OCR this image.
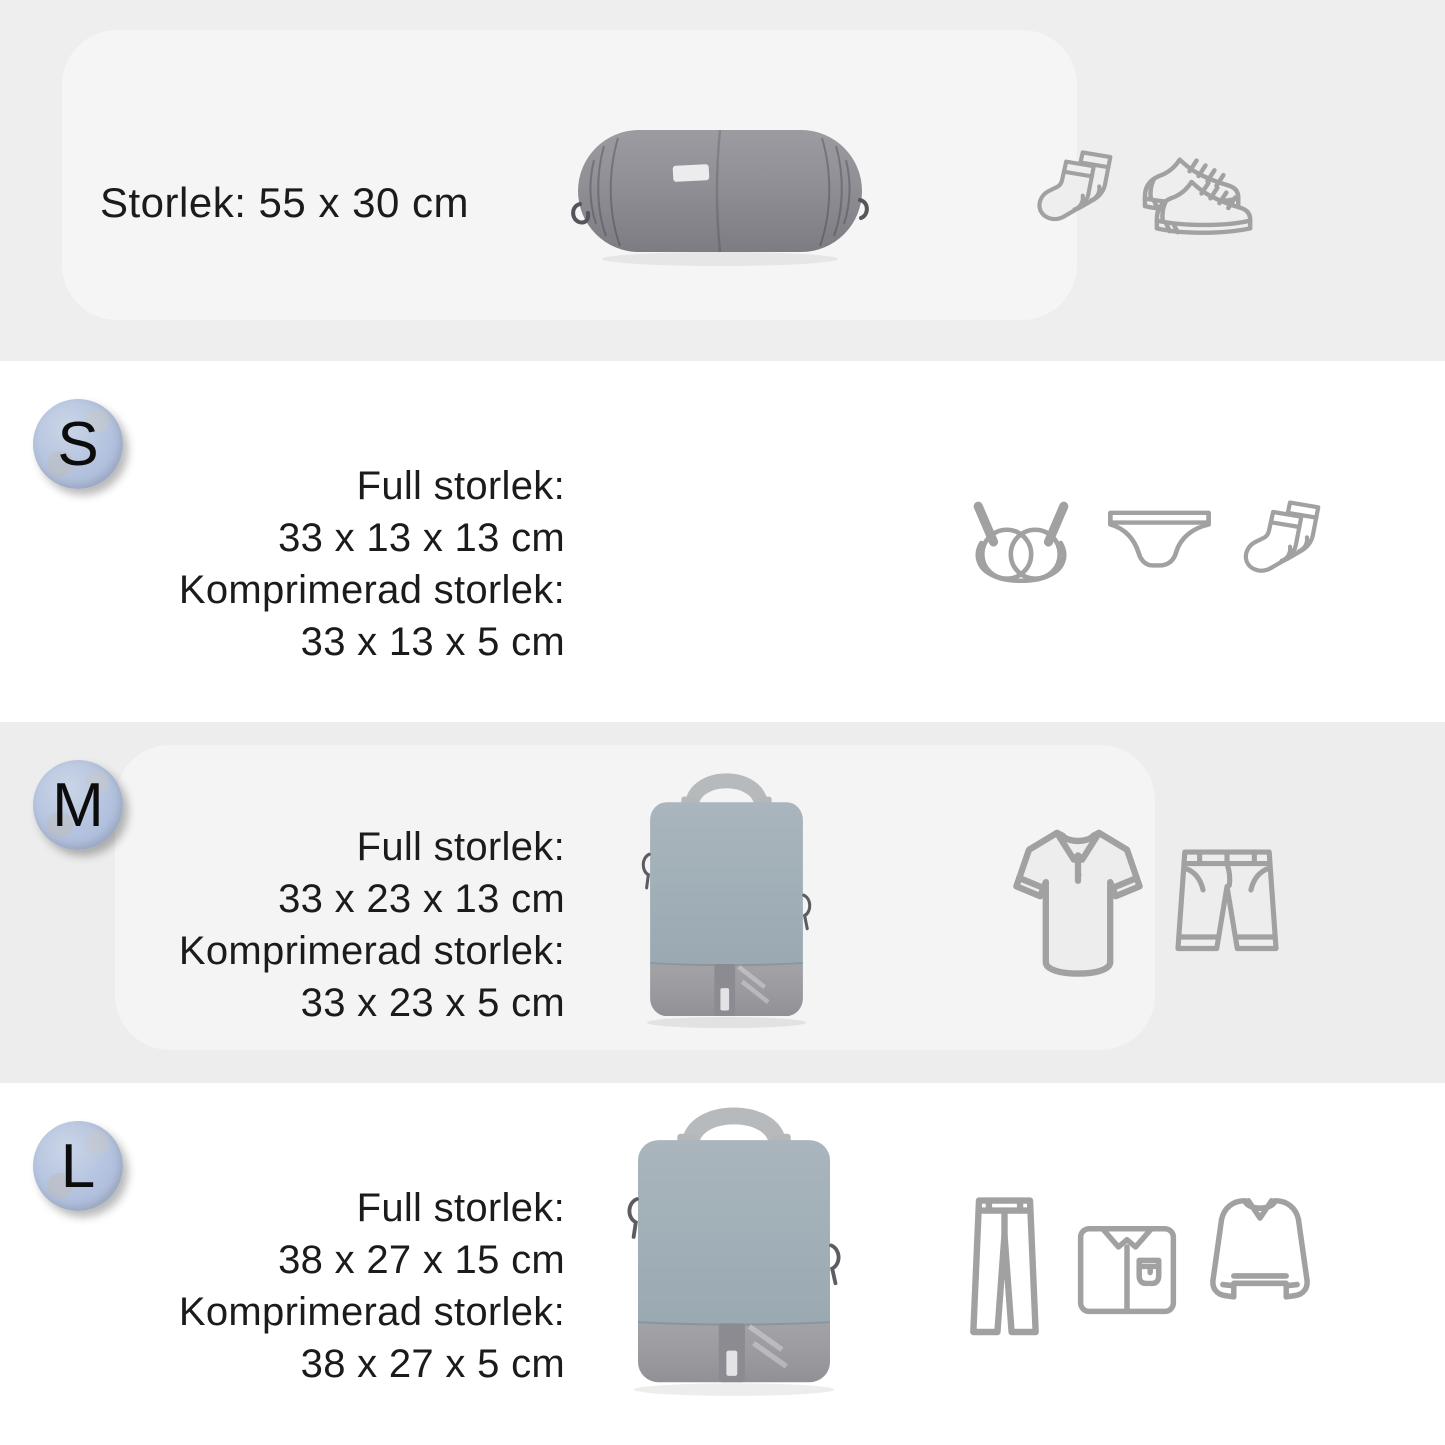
Storlek: 55 x 30 cm
S
Full storlek:
33 x 13 x 13 cm
Komprimerad storlek:
33 x 13 x 5 cm
M
Full storlek:
33 x 23 x 13 cm
Komprimerad storlek:
33 x 23 x 5 cm
L
Full storlek:
38 x 27 x 15 cm
Komprimerad storlek:
38 x 27 x 5 cm
